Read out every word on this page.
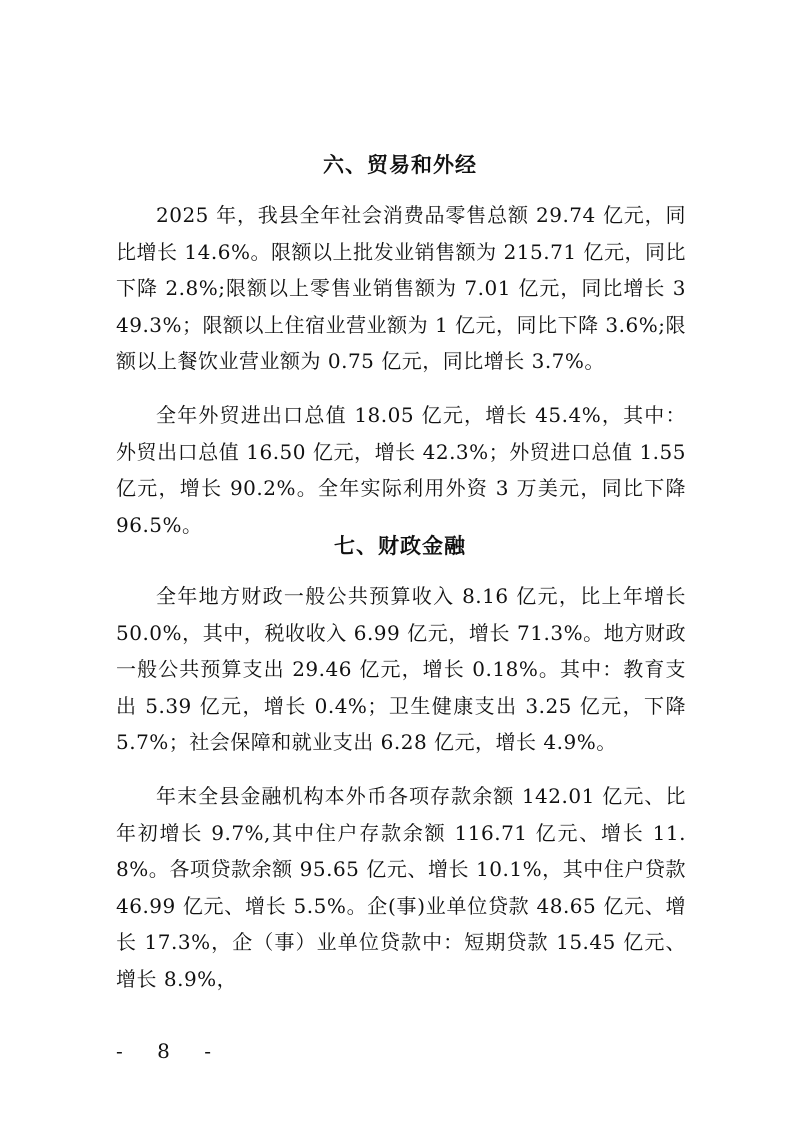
六、贸易和外经

2025 年，我县全年社会消费品零售总额 29.74 亿元，同比增长 14.6%。限额以上批发业销售额为 215.71 亿元，同比下降 2.8%;限额以上零售业销售额为 7.01 亿元，同比增长 349.3%；限额以上住宿业营业额为 1 亿元，同比下降 3.6%;限额以上餐饮业营业额为 0.75 亿元，同比增长 3.7%。

全年外贸进出口总值 18.05 亿元，增长 45.4%，其中：外贸出口总值 16.50 亿元，增长 42.3%；外贸进口总值 1.55 亿元，增长 90.2%。全年实际利用外资 3 万美元，同比下降 96.5%。

七、财政金融

全年地方财政一般公共预算收入 8.16 亿元，比上年增长 50.0%，其中，税收收入 6.99 亿元，增长 71.3%。地方财政一般公共预算支出 29.46 亿元，增长 0.18%。其中：教育支出 5.39 亿元，增长 0.4%；卫生健康支出 3.25 亿元，下降 5.7%；社会保障和就业支出 6.28 亿元，增长 4.9%。

年末全县金融机构本外币各项存款余额 142.01 亿元、比年初增长 9.7%,其中住户存款余额 116.71 亿元、增长 11.8%。各项贷款余额 95.65 亿元、增长 10.1%，其中住户贷款 46.99 亿元、增长 5.5%。企(事)业单位贷款 48.65 亿元、增长 17.3%，企（事）业单位贷款中：短期贷款 15.45 亿元、增长 8.9%，

- 8 -
